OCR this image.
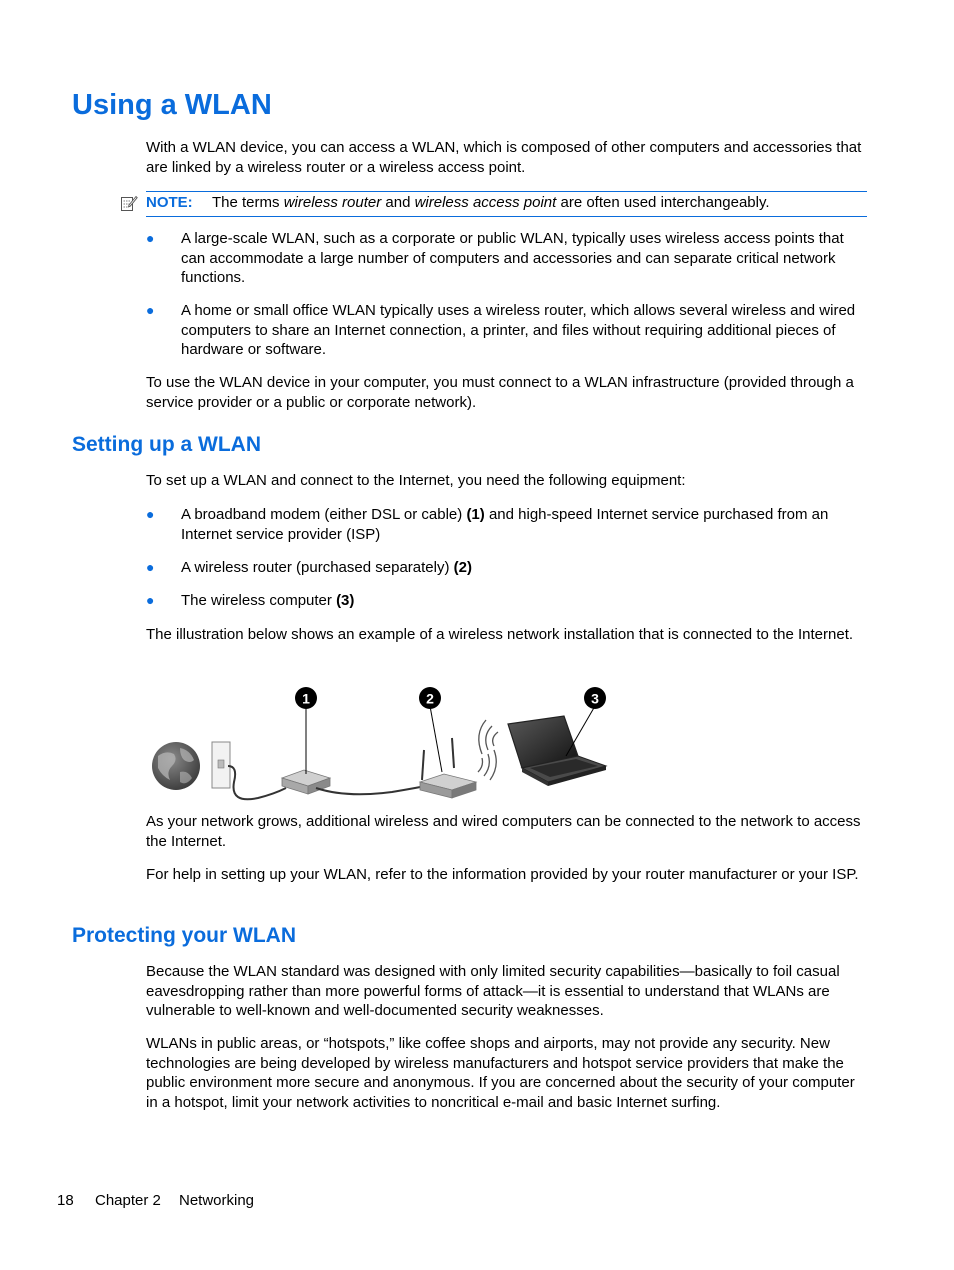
Using a WLAN

With a WLAN device, you can access a WLAN, which is composed of other computers and accessories that are linked by a wireless router or a wireless access point.

NOTE: The terms wireless router and wireless access point are often used interchangeably.
● A large-scale WLAN, such as a corporate or public WLAN, typically uses wireless access points that can accommodate a large number of computers and accessories and can separate critical network functions.

● A home or small office WLAN typically uses a wireless router, which allows several wireless and wired computers to share an Internet connection, a printer, and files without requiring additional pieces of hardware or software.

To use the WLAN device in your computer, you must connect to a WLAN infrastructure (provided through a service provider or a public or corporate network).

Setting up a WLAN

To set up a WLAN and connect to the Internet, you need the following equipment:

● A broadband modem (either DSL or cable) (1) and high-speed Internet service purchased from an Internet service provider (ISP)

● A wireless router (purchased separately) (2)

● The wireless computer (3)

The illustration below shows an example of a wireless network installation that is connected to the Internet.

1	2	3

As your network grows, additional wireless and wired computers can be connected to the network to access the Internet.

For help in setting up your WLAN, refer to the information provided by your router manufacturer or your ISP.

Protecting your WLAN

Because the WLAN standard was designed with only limited security capabilities—basically to foil casual eavesdropping rather than more powerful forms of attack—it is essential to understand that WLANs are vulnerable to well-known and well-documented security weaknesses.

WLANs in public areas, or “hotspots,” like coffee shops and airports, may not provide any security. New technologies are being developed by wireless manufacturers and hotspot service providers that make the public environment more secure and anonymous. If you are concerned about the security of your computer in a hotspot, limit your network activities to noncritical e-mail and basic Internet surfing.

18 Chapter 2 Networking
